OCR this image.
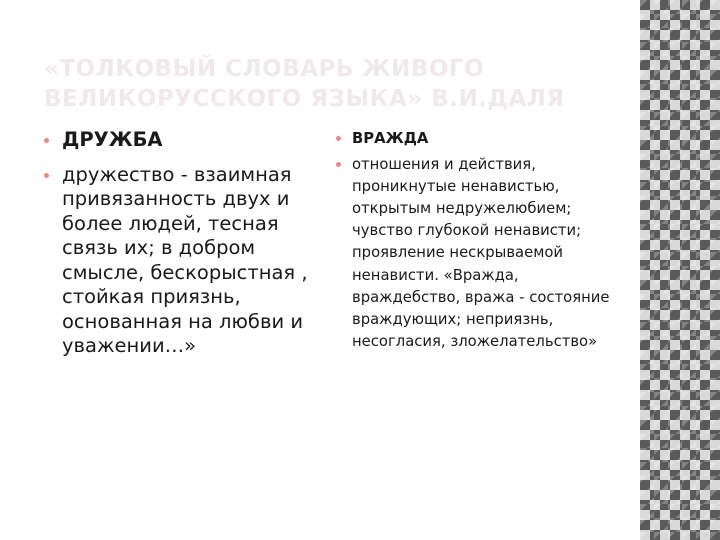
«ТОЛКОВЫЙ СЛОВАРЬ ЖИВОГО ВЕЛИКОРУССКОГО ЯЗЫКА» В.И.ДАЛЯ
ДРУЖБА
дружество - взаимная привязанность двух и более людей, тесная связь их; в добром смысле, бескорыстная , стойкая приязнь, основанная на любви и уважении…»
ВРАЖДА
отношения и действия, проникнутые ненавистью, открытым недружелюбием; чувство глубокой ненависти; проявление нескрываемой ненависти. «Вражда, враждебство, вража - состояние враждующих; неприязнь, несогласия, зложелательство»
